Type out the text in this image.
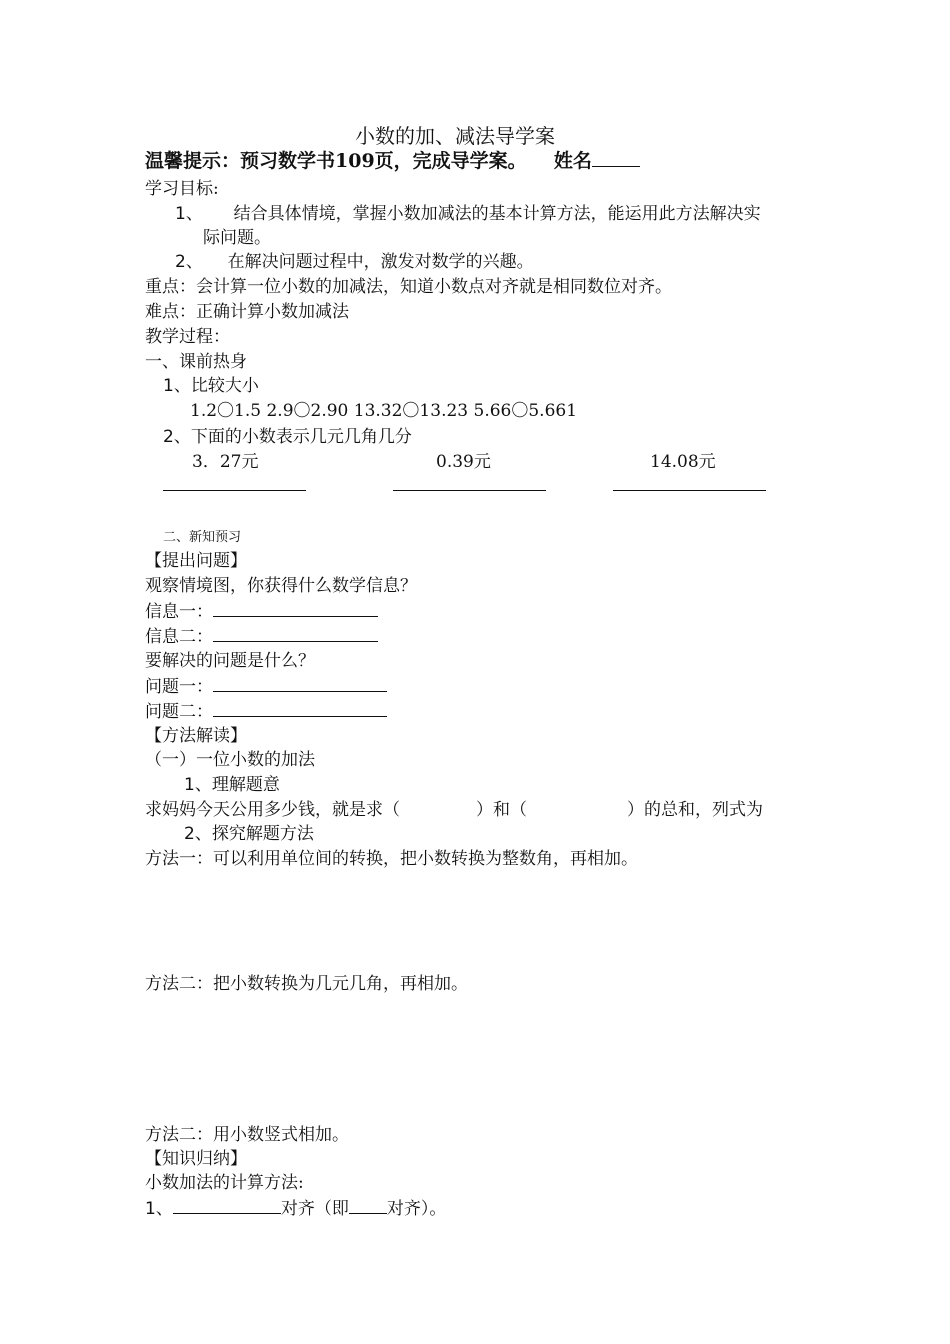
小数的加、减法导学案
温馨提示：预习数学书109页，完成导学案。 姓名
学习目标:
1、 结合具体情境，掌握小数加减法的基本计算方法，能运用此方法解决实
际问题。
2、 在解决问题过程中，激发对数学的兴趣。
重点：会计算一位小数的加减法，知道小数点对齐就是相同数位对齐。
难点：正确计算小数加减法
教学过程：
一、课前热身
1、比较大小
1.2〇1.5 2.9〇2.90 13.32〇13.23 5.66〇5.661
2、下面的小数表示几元几角几分
3．27元	0.39元	14.08元
二、新知预习
【提出问题】
观察情境图，你获得什么数学信息？
信息一：
信息二：
要解决的问题是什么？
问题一：
问题二：
【方法解读】
（一）一位小数的加法
1、理解题意
求妈妈今天公用多少钱，就是求（	）和（	）的总和，列式为
2、探究解题方法
方法一：可以利用单位间的转换，把小数转换为整数角，再相加。
方法二：把小数转换为几元几角，再相加。
方法二：用小数竖式相加。
【知识归纳】
小数加法的计算方法:
1、	对齐（即 对齐）。
